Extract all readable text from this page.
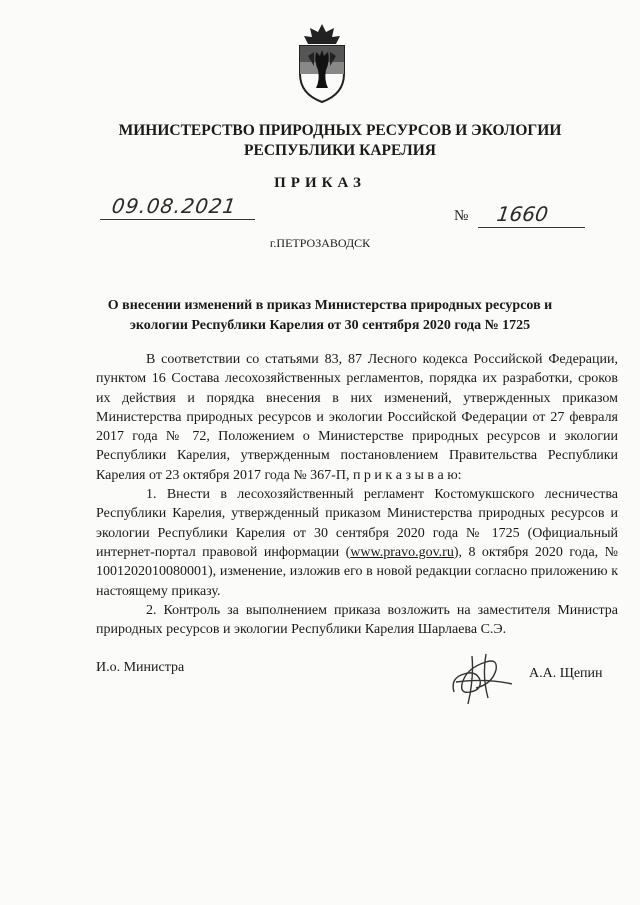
МИНИСТЕРСТВО ПРИРОДНЫХ РЕСУРСОВ И ЭКОЛОГИИ
РЕСПУБЛИКИ КАРЕЛИЯ
ПРИКАЗ
09.08.2021	№ 1660
г.ПЕТРОЗАВОДСК
О внесении изменений в приказ Министерства природных ресурсов и
экологии Республики Карелия от 30 сентября 2020 года № 1725

В соответствии со статьями 83, 87 Лесного кодекса Российской Федерации, пунктом 16 Состава лесохозяйственных регламентов, порядка их разработки, сроков их действия и порядка внесения в них изменений, утвержденных приказом Министерства природных ресурсов и экологии Российской Федерации от 27 февраля 2017 года № 72, Положением о Министерстве природных ресурсов и экологии Республики Карелия, утвержденным постановлением Правительства Республики Карелия от 23 октября 2017 года № 367-П, п р и к а з ы в а ю:

1. Внести в лесохозяйственный регламент Костомукшского лесничества Республики Карелия, утвержденный приказом Министерства природных ресурсов и экологии Республики Карелия от 30 сентября 2020 года № 1725 (Официальный интернет-портал правовой информации (www.pravo.gov.ru), 8 октября 2020 года, № 1001202010080001), изменение, изложив его в новой редакции согласно приложению к настоящему приказу.

2. Контроль за выполнением приказа возложить на заместителя Министра природных ресурсов и экологии Республики Карелия Шарлаева С.Э.

И.о. Министра	А.А. Щепин
